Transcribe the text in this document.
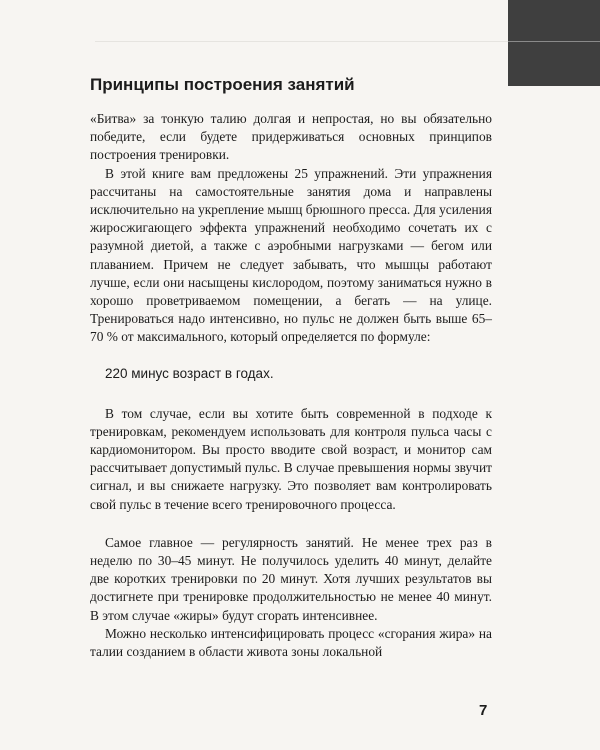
Принципы построения занятий

«Битва» за тонкую талию долгая и непростая, но вы обязательно победите, если будете придерживаться основных принципов построения тренировки.

В этой книге вам предложены 25 упражнений. Эти упражнения рассчитаны на самостоятельные занятия дома и направлены исключительно на укрепление мышц брюшного пресса. Для усиления жиросжигающего эффекта упражнений необходимо сочетать их с разумной диетой, а также с аэробными нагрузками — бегом или плаванием. Причем не следует забывать, что мышцы работают лучше, если они насыщены кислородом, поэтому заниматься нужно в хорошо проветриваемом помещении, а бегать — на улице. Тренироваться надо интенсивно, но пульс не должен быть выше 65–70 % от максимального, который определяется по формуле:

220 минус возраст в годах.

В том случае, если вы хотите быть современной в подходе к тренировкам, рекомендуем использовать для контроля пульса часы с кардиомонитором. Вы просто вводите свой возраст, и монитор сам рассчитывает допустимый пульс. В случае превышения нормы звучит сигнал, и вы снижаете нагрузку. Это позволяет вам контролировать свой пульс в течение всего тренировочного процесса.

Самое главное — регулярность занятий. Не менее трех раз в неделю по 30–45 минут. Не получилось уделить 40 минут, делайте две коротких тренировки по 20 минут. Хотя лучших результатов вы достигнете при тренировке продолжительностью не менее 40 минут. В этом случае «жиры» будут сгорать интенсивнее.

Можно несколько интенсифицировать процесс «сгорания жира» на талии созданием в области живота зоны локальной

7
